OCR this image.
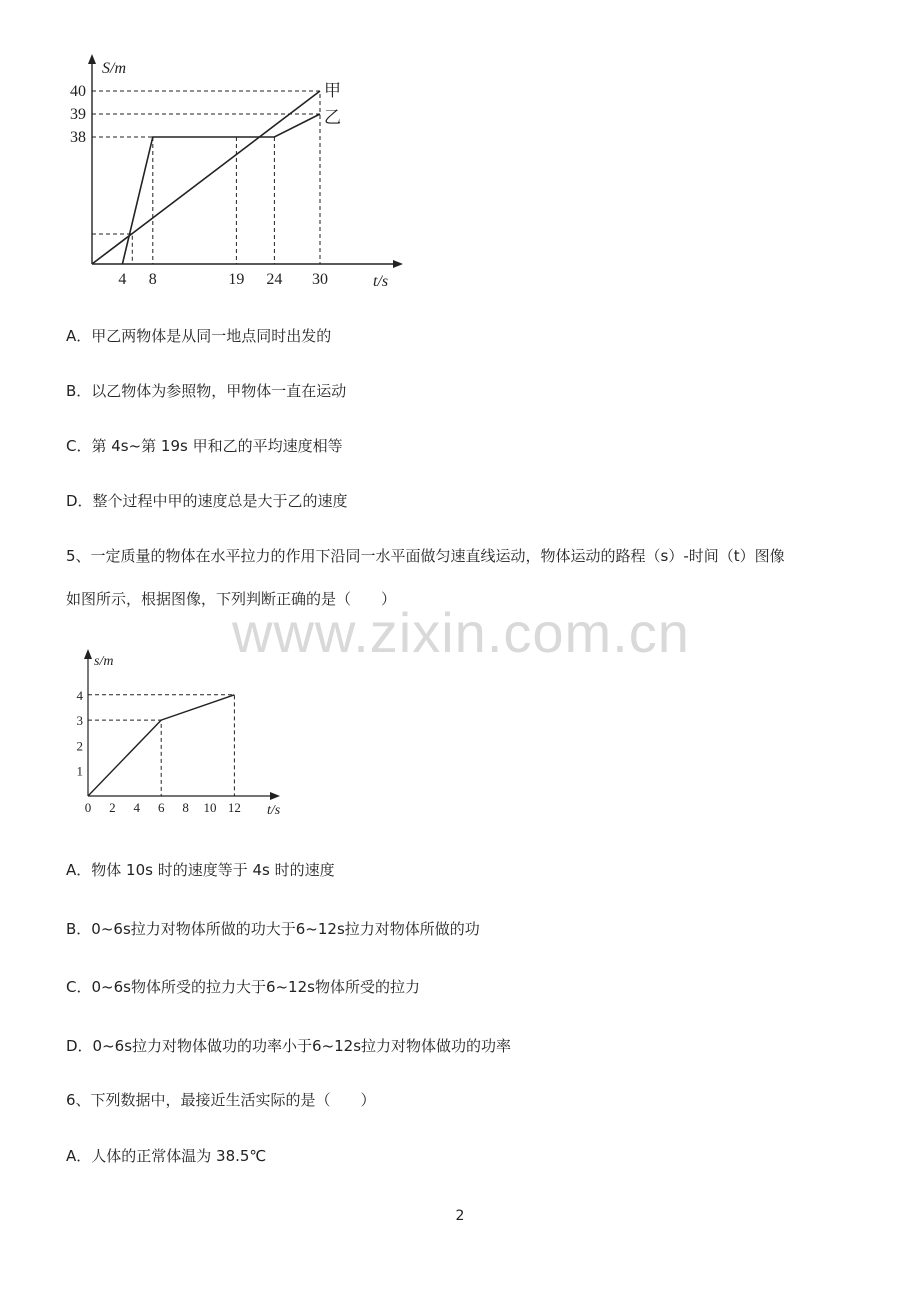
S/m
t/s
甲
乙
4 8	19 24 30
38
39
40
A．甲乙两物体是从同一地点同时出发的
B．以乙物体为参照物，甲物体一直在运动
C．第 4s~第 19s 甲和乙的平均速度相等
D．整个过程中甲的速度总是大于乙的速度
5、一定质量的物体在水平拉力的作用下沿同一水平面做匀速直线运动，物体运动的路程（s）-时间（t）图像
如图所示，根据图像，下列判断正确的是（　　）
www.zixin.com.cn
s/m
t/s
0 2 4 6 8 10 12
1
2
3
4
A．物体 10s 时的速度等于 4s 时的速度
B．0~6s拉力对物体所做的功大于6~12s拉力对物体所做的功
C．0~6s物体所受的拉力大于6~12s物体所受的拉力
D．0~6s拉力对物体做功的功率小于6~12s拉力对物体做功的功率
6、下列数据中，最接近生活实际的是（　　）
A．人体的正常体温为 38.5℃
2
